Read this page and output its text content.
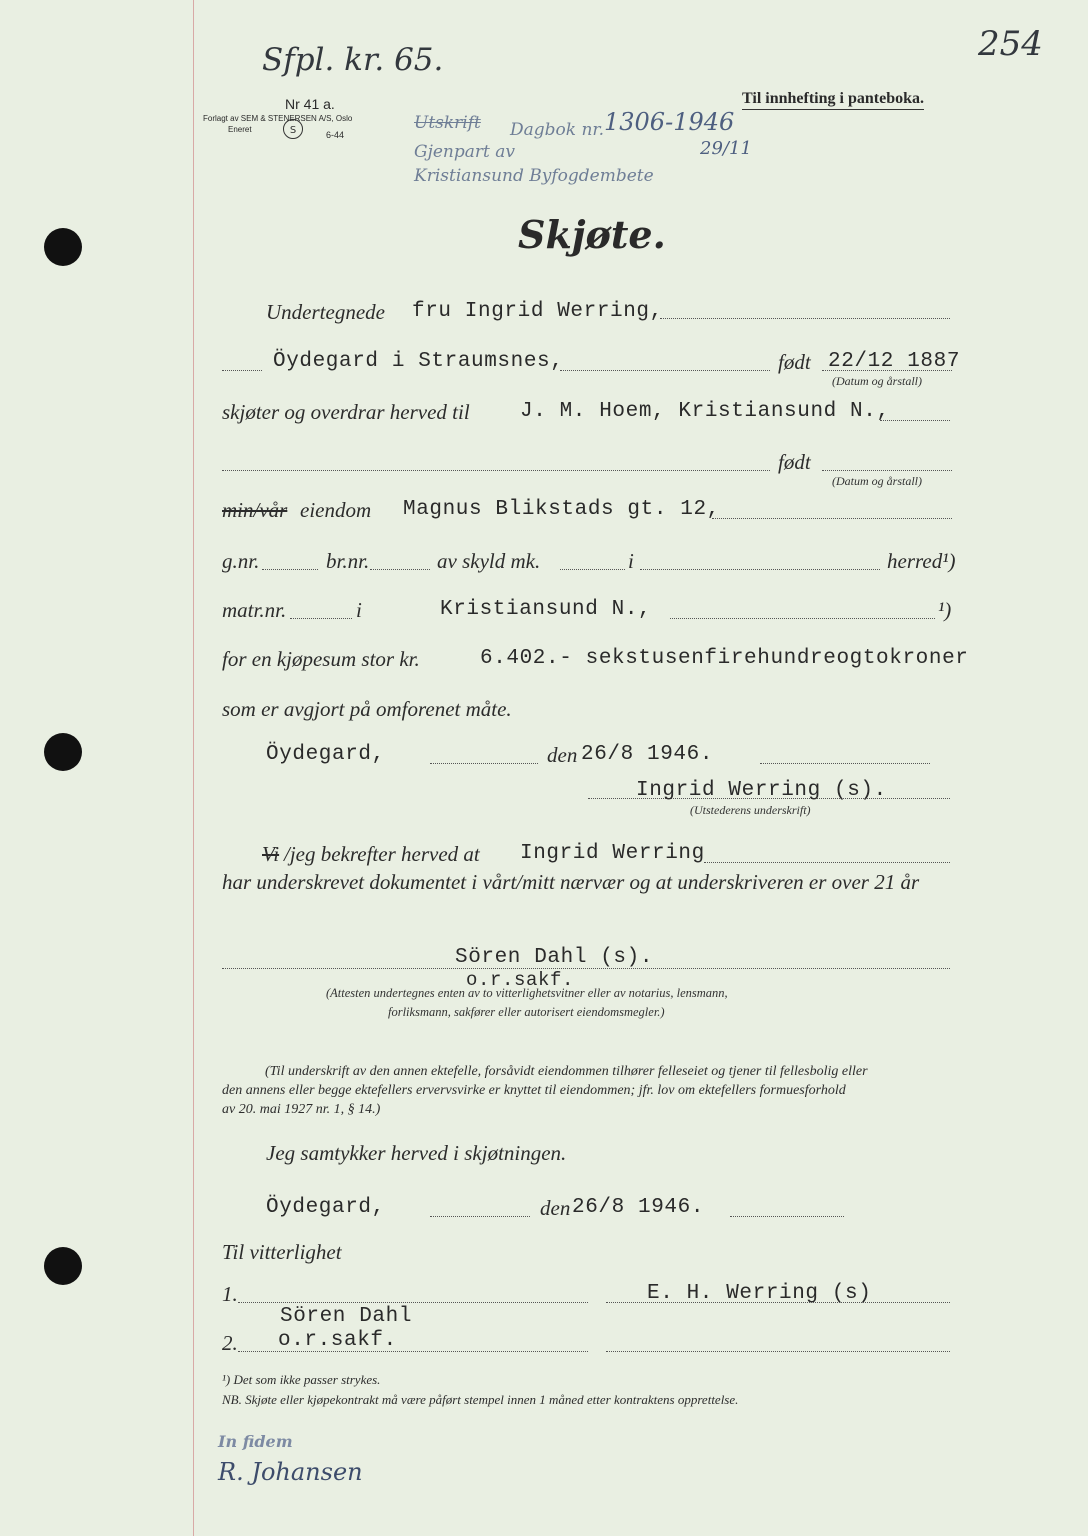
Sfpl. kr. 65.	254
Nr 41 a.
Forlagt av SEM & STENERSEN A/S, Oslo
Eneret	S	6-44
Til innhefting i panteboka.
Utskrift Dagbok nr. 1306-1946
Gjenpart av
Kristiansund Byfogdembete
29/11
Skjøte.
Undertegnede fru Ingrid Werring,
Öydegard i Straumsnes,	født 22/12 1887
(Datum og årstall)
skjøter og overdrar herved til J. M. Hoem, Kristiansund N.,
født
(Datum og årstall)
min/vår eiendom Magnus Blikstads gt. 12,
g.nr.	br.nr.	av skyld mk.	i	herred¹)
matr.nr.	i	Kristiansund N.,	¹)
for en kjøpesum stor kr.	6.402.- sekstusenfirehundreogtokroner
som er avgjort på omforenet måte.
Öydegard,	den 26/8 1946.
Ingrid Werring (s).
(Utstederens underskrift)
Vi /jeg bekrefter herved at Ingrid Werring
har underskrevet dokumentet i vårt/mitt nærvær og at underskriveren er over 21 år
Sören Dahl (s).
o.r.sakf.
(Attesten undertegnes enten av to vitterlighetsvitner eller av notarius, lensmann,
forliksmann, sakfører eller autorisert eiendomsmegler.)
(Til underskrift av den annen ektefelle, forsåvidt eiendommen tilhører felleseiet og tjener til fellesbolig eller
den annens eller begge ektefellers ervervsvirke er knyttet til eiendommen; jfr. lov om ektefellers formuesforhold
av 20. mai 1927 nr. 1, § 14.)
Jeg samtykker herved i skjøtningen.
Öydegard,	den 26/8 1946.
Til vitterlighet
1.	E. H. Werring (s)
Sören Dahl
2. o.r.sakf.
¹) Det som ikke passer strykes.
NB. Skjøte eller kjøpekontrakt må være påført stempel innen 1 måned etter kontraktens opprettelse.
In fidem
R. Johansen
